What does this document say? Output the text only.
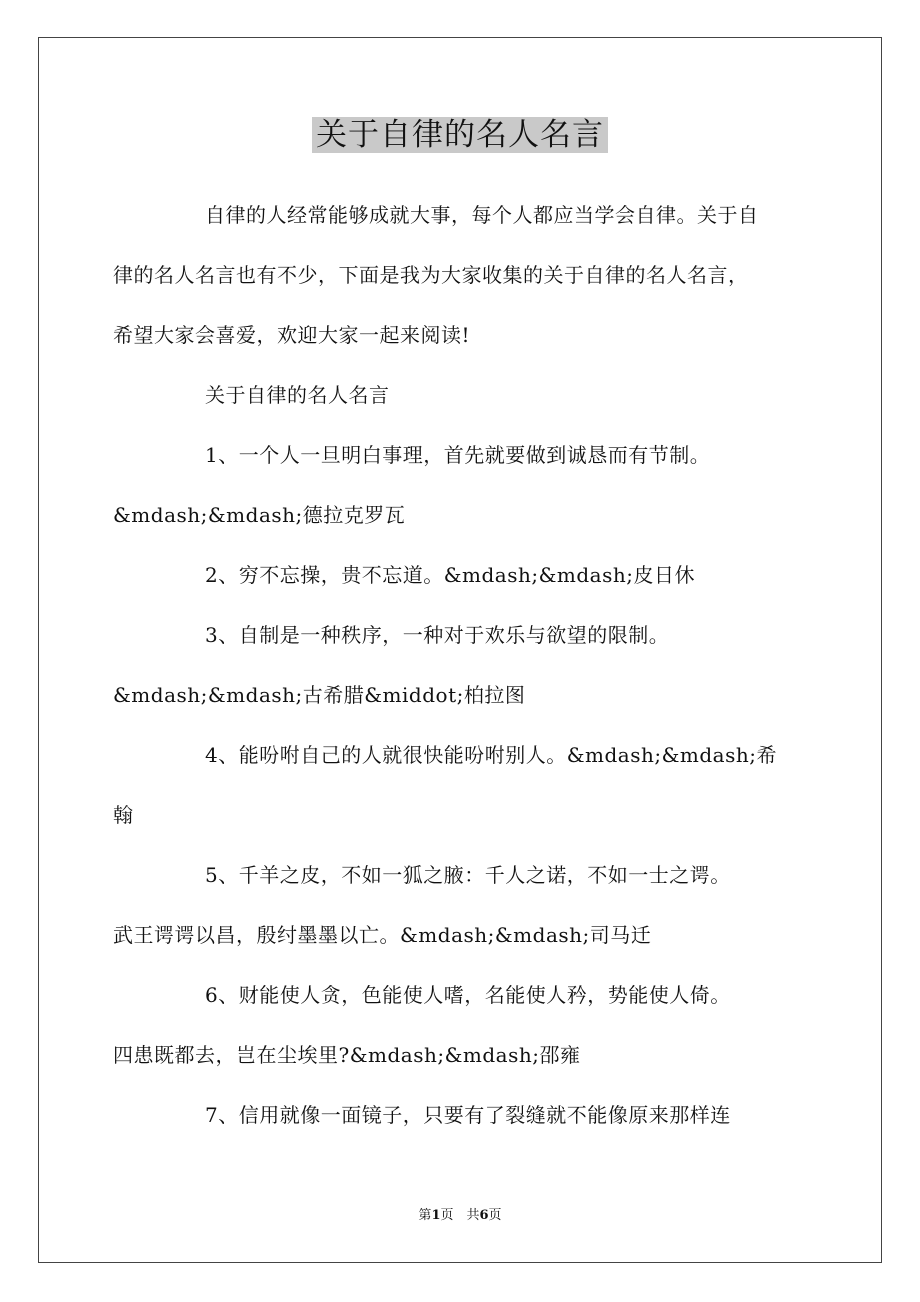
关于自律的名人名言
自律的人经常能够成就大事，每个人都应当学会自律。关于自
律的名人名言也有不少，下面是我为大家收集的关于自律的名人名言，
希望大家会喜爱，欢迎大家一起来阅读!
关于自律的名人名言
1、一个人一旦明白事理，首先就要做到诚恳而有节制。
&mdash;&mdash;德拉克罗瓦
2、穷不忘操，贵不忘道。&mdash;&mdash;皮日休
3、自制是一种秩序，一种对于欢乐与欲望的限制。
&mdash;&mdash;古希腊&middot;柏拉图
4、能吩咐自己的人就很快能吩咐别人。&mdash;&mdash;希
翰
5、千羊之皮，不如一狐之腋：千人之诺，不如一士之谔。
武王谔谔以昌，殷纣墨墨以亡。&mdash;&mdash;司马迁
6、财能使人贪，色能使人嗜，名能使人矜，势能使人倚。
四患既都去，岂在尘埃里?&mdash;&mdash;邵雍
7、信用就像一面镜子，只要有了裂缝就不能像原来那样连
第1页　共6页
